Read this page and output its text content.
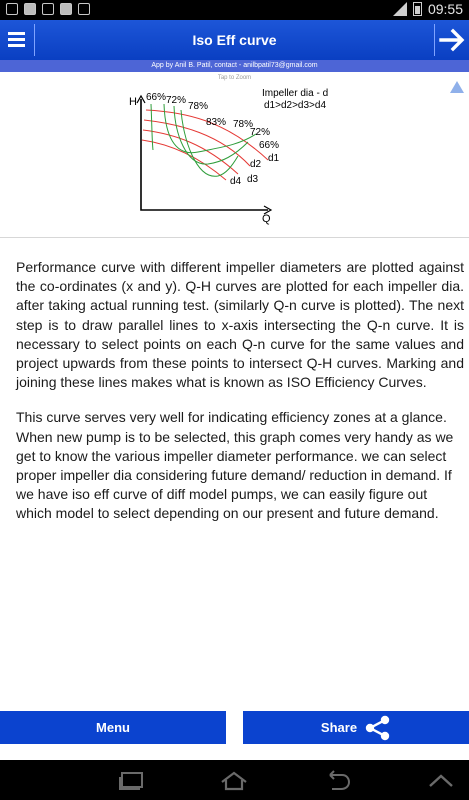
09:55
Iso Eff curve
App by Anil B. Patil, contact - anilbpatil73@gmail.com
Tap to Zoom
H
Q
66% 72%
78%
83% 78%
72%
66%
d1
d2
d3
d4
Impeller dia - d
d1>d2>d3>d4

Performance curve with different impeller diameters are plotted against the co-ordinates (x and y). Q-H curves are plotted for each impeller dia. after taking actual running test. (similarly Q-n curve is plotted). The next step is to draw parallel lines to x-axis intersecting the Q-n curve. It is necessary to select points on each Q-n curve for the same values and project upwards from these points to intersect Q-H curves. Marking and joining these lines makes what is known as ISO Efficiency Curves.

This curve serves very well for indicating efficiency zones at a glance. When new pump is to be selected, this graph comes very handy as we get to know the various impeller diameter performance. we can select proper impeller dia considering future demand/ reduction in demand. If we have iso eff curve of diff model pumps, we can easily figure out which model to select depending on our present and future demand.

Menu	Share
